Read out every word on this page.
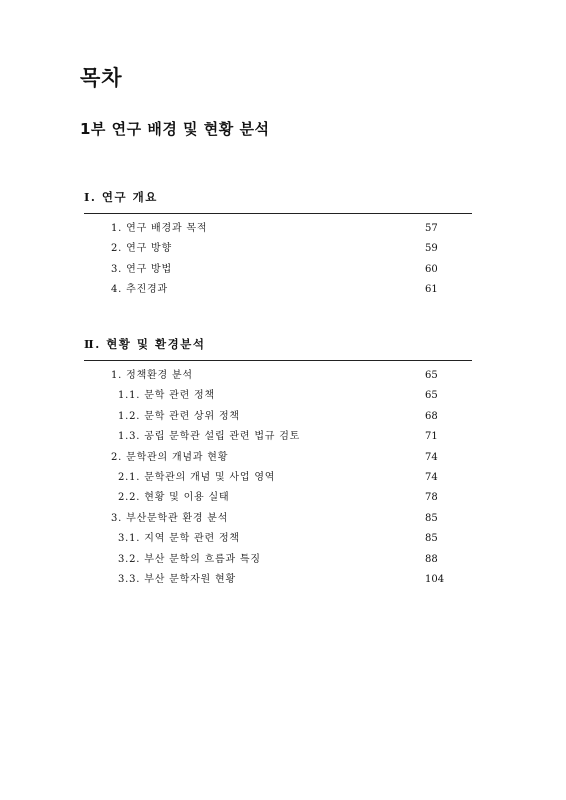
목차
1부 연구 배경 및 현황 분석
Ⅰ. 연구 개요
1. 연구 배경과 목적	57
2. 연구 방향	59
3. 연구 방법	60
4. 추진경과	61
Ⅱ. 현황 및 환경분석
1. 정책환경 분석	65
1.1. 문학 관련 정책	65
1.2. 문학 관련 상위 정책	68
1.3. 공립 문학관 설립 관련 법규 검토	71
2. 문학관의 개념과 현황	74
2.1. 문학관의 개념 및 사업 영역	74
2.2. 현황 및 이용 실태	78
3. 부산문학관 환경 분석	85
3.1. 지역 문학 관련 정책	85
3.2. 부산 문학의 흐름과 특징	88
3.3. 부산 문학자원 현황	104
